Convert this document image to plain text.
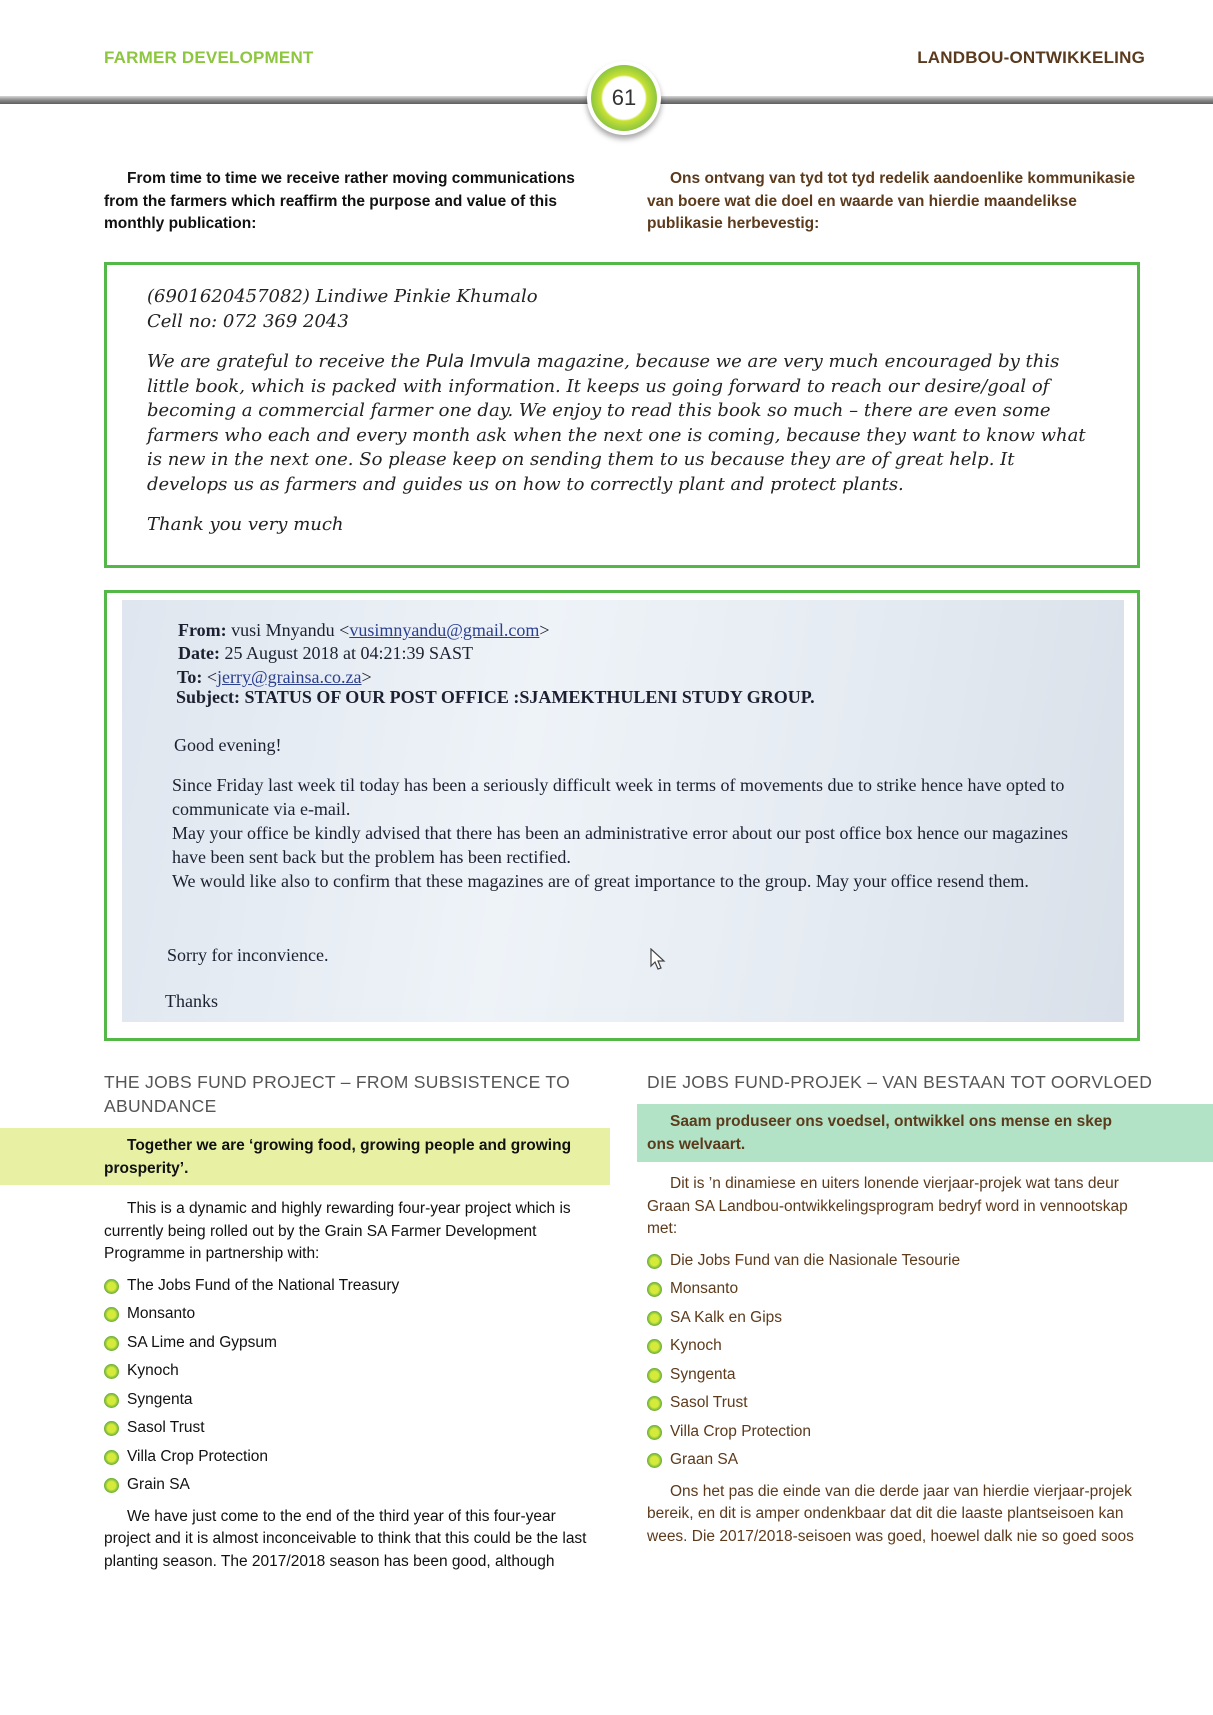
FARMER DEVELOPMENT	LANDBOU-ONTWIKKELING
61

From time to time we receive rather moving communications from the farmers which reaffirm the purpose and value of this monthly publication:

Ons ontvang van tyd tot tyd redelik aandoenlike kommunikasie van boere wat die doel en waarde van hierdie maandelikse publikasie herbevestig:

(6901620457082) Lindiwe Pinkie Khumalo
Cell no: 072 369 2043
We are grateful to receive the Pula Imvula magazine, because we are very much encouraged by this little book, which is packed with information. It keeps us going forward to reach our desire/goal of becoming a commercial farmer one day. We enjoy to read this book so much – there are even some farmers who each and every month ask when the next one is coming, because they want to know what is new in the next one. So please keep on sending them to us because they are of great help. It develops us as farmers and guides us on how to correctly plant and protect plants.
Thank you very much
From: vusi Mnyandu <vusimnyandu@gmail.com>
Date: 25 August 2018 at 04:21:39 SAST
To: <jerry@grainsa.co.za>
Subject: STATUS OF OUR POST OFFICE :SJAMEKTHULENI STUDY GROUP.
Good evening!
Since Friday last week til today has been a seriously difficult week in terms of movements due to strike hence have opted to communicate via e-mail.
May your office be kindly advised that there has been an administrative error about our post office box hence our magazines have been sent back but the problem has been rectified.
We would like also to confirm that these magazines are of great importance to the group. May your office resend them.
Sorry for inconvience.
Thanks
THE JOBS FUND PROJECT – FROM SUBSISTENCE TO ABUNDANCE

Together we are ‘growing food, growing people and growing prosperity’.

This is a dynamic and highly rewarding four-year project which is currently being rolled out by the Grain SA Farmer Development Programme in partnership with:

The Jobs Fund of the National Treasury
Monsanto
SA Lime and Gypsum
Kynoch
Syngenta
Sasol Trust
Villa Crop Protection
Grain SA

We have just come to the end of the third year of this four-year project and it is almost inconceivable to think that this could be the last planting season. The 2017/2018 season has been good, although

DIE JOBS FUND-PROJEK – VAN BESTAAN TOT OORVLOED

Saam produseer ons voedsel, ontwikkel ons mense en skep ons welvaart.

Dit is ’n dinamiese en uiters lonende vierjaar-projek wat tans deur Graan SA Landbou-ontwikkelingsprogram bedryf word in vennootskap met:

Die Jobs Fund van die Nasionale Tesourie
Monsanto
SA Kalk en Gips
Kynoch
Syngenta
Sasol Trust
Villa Crop Protection
Graan SA

Ons het pas die einde van die derde jaar van hierdie vierjaar-projek bereik, en dit is amper ondenkbaar dat dit die laaste plantseisoen kan wees. Die 2017/2018-seisoen was goed, hoewel dalk nie so goed soos
